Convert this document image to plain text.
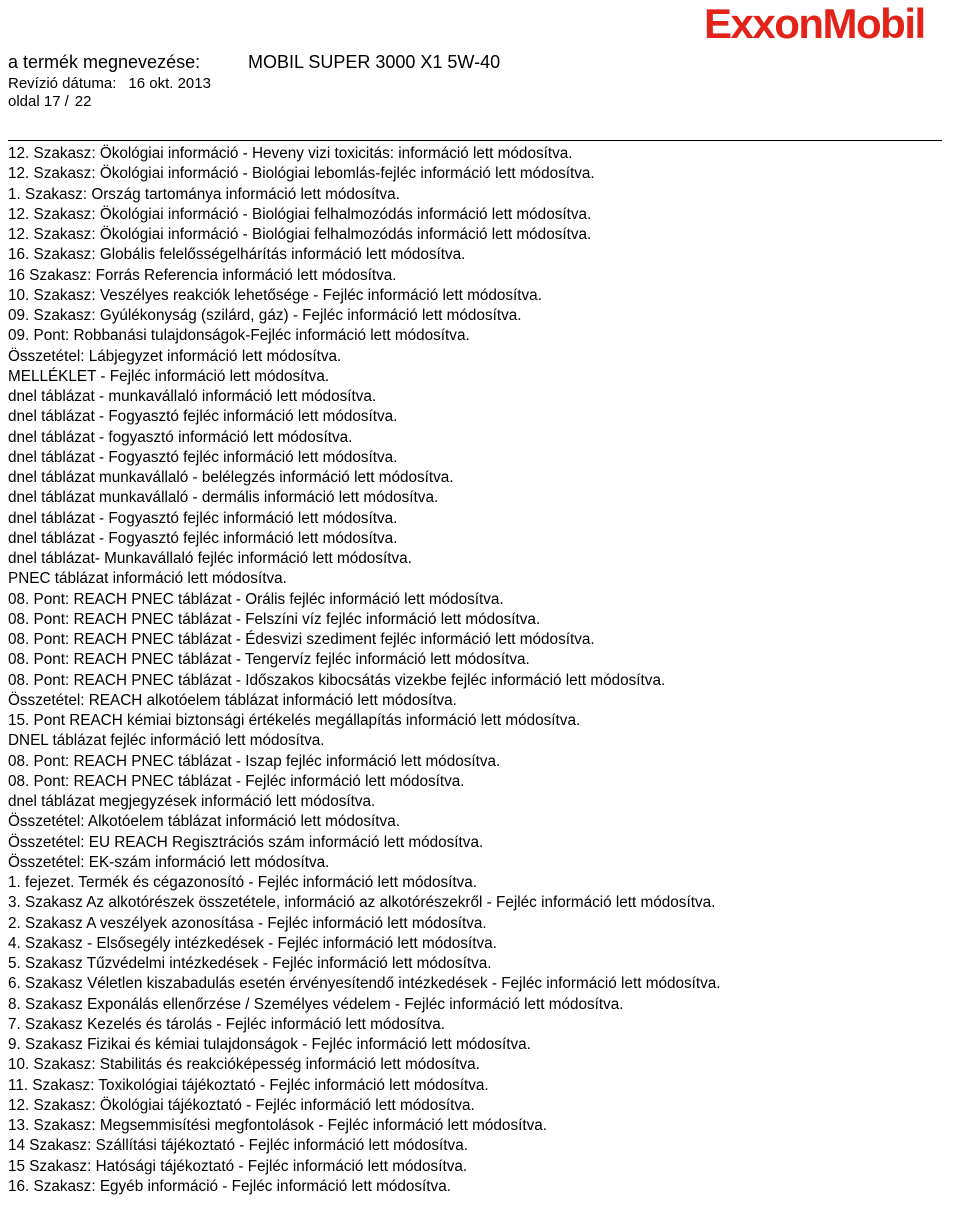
ExxonMobil
a termék megnevezése:	MOBIL SUPER 3000 X1 5W-40
Revízió dátuma: 16 okt. 2013
oldal 17 / 22
12. Szakasz: Ökológiai információ - Heveny vizi toxicitás: információ lett módosítva.
12. Szakasz: Ökológiai információ - Biológiai lebomlás-fejléc információ lett módosítva.
1. Szakasz: Ország tartománya információ lett módosítva.
12. Szakasz: Ökológiai információ - Biológiai felhalmozódás információ lett módosítva.
12. Szakasz: Ökológiai információ - Biológiai felhalmozódás információ lett módosítva.
16. Szakasz: Globális felelősségelhárítás információ lett módosítva.
16 Szakasz: Forrás Referencia információ lett módosítva.
10. Szakasz: Veszélyes reakciók lehetősége - Fejléc információ lett módosítva.
09. Szakasz: Gyúlékonyság (szilárd, gáz) - Fejléc információ lett módosítva.
09. Pont: Robbanási tulajdonságok-Fejléc információ lett módosítva.
Összetétel: Lábjegyzet információ lett módosítva.
MELLÉKLET - Fejléc információ lett módosítva.
dnel táblázat - munkavállaló információ lett módosítva.
dnel táblázat - Fogyasztó fejléc információ lett módosítva.
dnel táblázat - fogyasztó információ lett módosítva.
dnel táblázat - Fogyasztó fejléc információ lett módosítva.
dnel táblázat munkavállaló - belélegzés információ lett módosítva.
dnel táblázat munkavállaló - dermális információ lett módosítva.
dnel táblázat - Fogyasztó fejléc információ lett módosítva.
dnel táblázat - Fogyasztó fejléc információ lett módosítva.
dnel táblázat- Munkavállaló fejléc információ lett módosítva.
PNEC táblázat információ lett módosítva.
08. Pont: REACH PNEC táblázat - Orális fejléc információ lett módosítva.
08. Pont: REACH PNEC táblázat - Felszíni víz fejléc információ lett módosítva.
08. Pont: REACH PNEC táblázat - Édesvizi szediment fejléc információ lett módosítva.
08. Pont: REACH PNEC táblázat - Tengervíz fejléc információ lett módosítva.
08. Pont: REACH PNEC táblázat - Időszakos kibocsátás vizekbe fejléc információ lett módosítva.
Összetétel: REACH alkotóelem táblázat információ lett módosítva.
15. Pont REACH kémiai biztonsági értékelés megállapítás információ lett módosítva.
DNEL táblázat fejléc információ lett módosítva.
08. Pont: REACH PNEC táblázat - Iszap fejléc információ lett módosítva.
08. Pont: REACH PNEC táblázat - Fejléc információ lett módosítva.
dnel táblázat megjegyzések információ lett módosítva.
Összetétel: Alkotóelem táblázat információ lett módosítva.
Összetétel: EU REACH Regisztrációs szám információ lett módosítva.
Összetétel: EK-szám információ lett módosítva.
1. fejezet. Termék és cégazonosító - Fejléc információ lett módosítva.
3. Szakasz Az alkotórészek összetétele, információ az alkotórészekről - Fejléc információ lett módosítva.
2. Szakasz A veszélyek azonosítása - Fejléc információ lett módosítva.
4. Szakasz - Elsősegély intézkedések - Fejléc információ lett módosítva.
5. Szakasz Tűzvédelmi intézkedések - Fejléc információ lett módosítva.
6. Szakasz Véletlen kiszabadulás esetén érvényesítendő intézkedések - Fejléc információ lett módosítva.
8. Szakasz Exponálás ellenőrzése / Személyes védelem - Fejléc információ lett módosítva.
7. Szakasz Kezelés és tárolás - Fejléc információ lett módosítva.
9. Szakasz Fizikai és kémiai tulajdonságok - Fejléc információ lett módosítva.
10. Szakasz: Stabilitás és reakcióképesség információ lett módosítva.
11. Szakasz: Toxikológiai tájékoztató - Fejléc információ lett módosítva.
12. Szakasz: Ökológiai tájékoztató - Fejléc információ lett módosítva.
13. Szakasz: Megsemmisítési megfontolások - Fejléc információ lett módosítva.
14 Szakasz: Szállítási tájékoztató - Fejléc információ lett módosítva.
15 Szakasz: Hatósági tájékoztató - Fejléc információ lett módosítva.
16. Szakasz: Egyéb információ - Fejléc információ lett módosítva.
